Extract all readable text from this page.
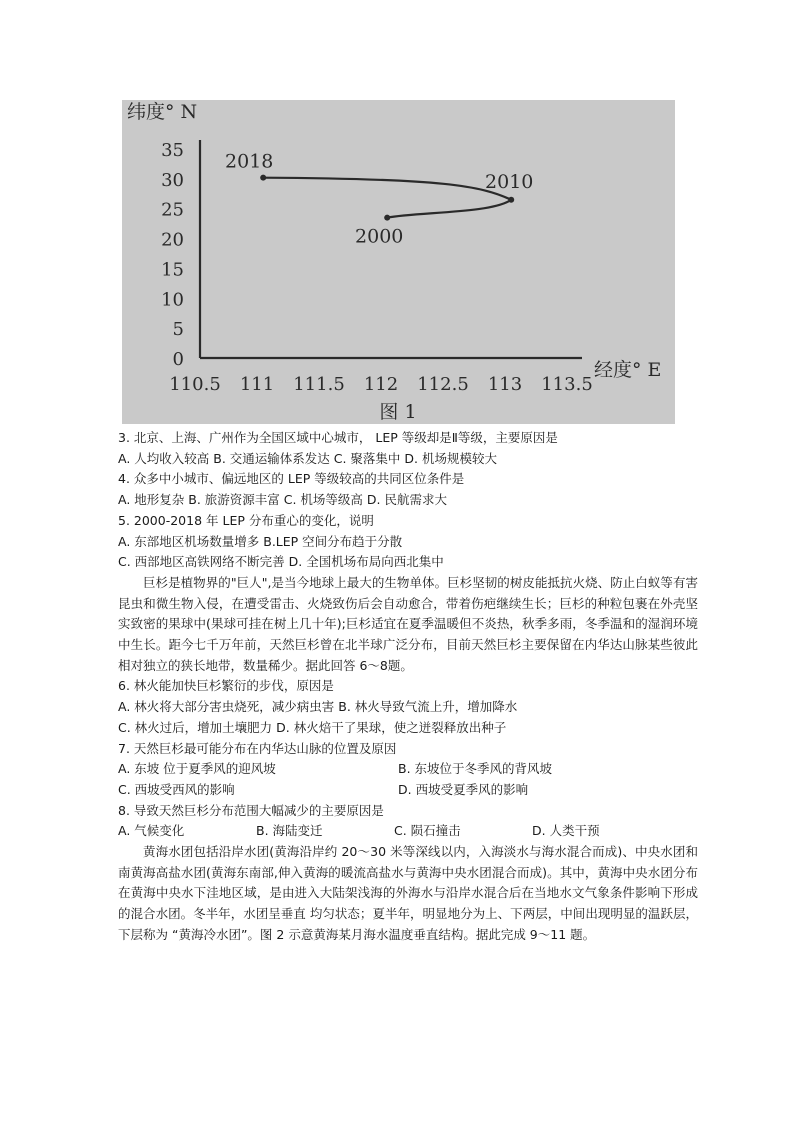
纬度° N
经度° E
0
5
10
15
20
25
30
35
110.5 111 111.5 112 112.5 113 113.5
2000
2010
2018
图 1

3. 北京、上海、广州作为全国区域中心城市， LEP 等级却是Ⅱ等级，主要原因是

A. 人均收入较高 B. 交通运输体系发达 C. 聚落集中 D. 机场规模较大

4. 众多中小城市、偏远地区的 LEP 等级较高的共同区位条件是

A. 地形复杂 B. 旅游资源丰富 C. 机场等级高 D. 民航需求大

5. 2000-2018 年 LEP 分布重心的变化，说明

A. 东部地区机场数量增多 B.LEP 空间分布趋于分散

C. 西部地区高铁网络不断完善 D. 全国机场布局向西北集中

巨杉是植物界的"巨人",是当今地球上最大的生物单体。巨杉坚韧的树皮能抵抗火烧、防止白蚁等有害昆虫和微生物入侵，在遭受雷击、火烧致伤后会自动愈合，带着伤疤继续生长；巨杉的种粒包裹在外壳坚实致密的果球中(果球可挂在树上几十年);巨杉适宜在夏季温暖但不炎热，秋季多雨，冬季温和的湿润环境中生长。距今七千万年前，天然巨杉曾在北半球广泛分布，目前天然巨杉主要保留在内华达山脉某些彼此相对独立的狭长地带，数量稀少。据此回答 6～8题。

6. 林火能加快巨杉繁衍的步伐，原因是

A. 林火将大部分害虫烧死，减少病虫害 B. 林火导致气流上升，增加降水

C. 林火过后，增加土壤肥力 D. 林火焙干了果球，使之迸裂释放出种子

7. 天然巨杉最可能分布在内华达山脉的位置及原因

A. 东坡 位于夏季风的迎风坡	B. 东坡位于冬季风的背风坡
C. 西坡受西风的影响	D. 西坡受夏季风的影响

8. 导致天然巨杉分布范围大幅减少的主要原因是

A. 气候变化	B. 海陆变迁	C. 陨石撞击	D. 人类干预

黄海水团包括沿岸水团(黄海沿岸约 20～30 米等深线以内，入海淡水与海水混合而成)、中央水团和南黄海高盐水团(黄海东南部,伸入黄海的暖流高盐水与黄海中央水团混合而成)。其中，黄海中央水团分布在黄海中央水下洼地区域，是由进入大陆架浅海的外海水与沿岸水混合后在当地水文气象条件影响下形成的混合水团。冬半年，水团呈垂直 均匀状态；夏半年，明显地分为上、下两层，中间出现明显的温跃层，下层称为 “黄海冷水团”。图 2 示意黄海某月海水温度垂直结构。据此完成 9～11 题。
